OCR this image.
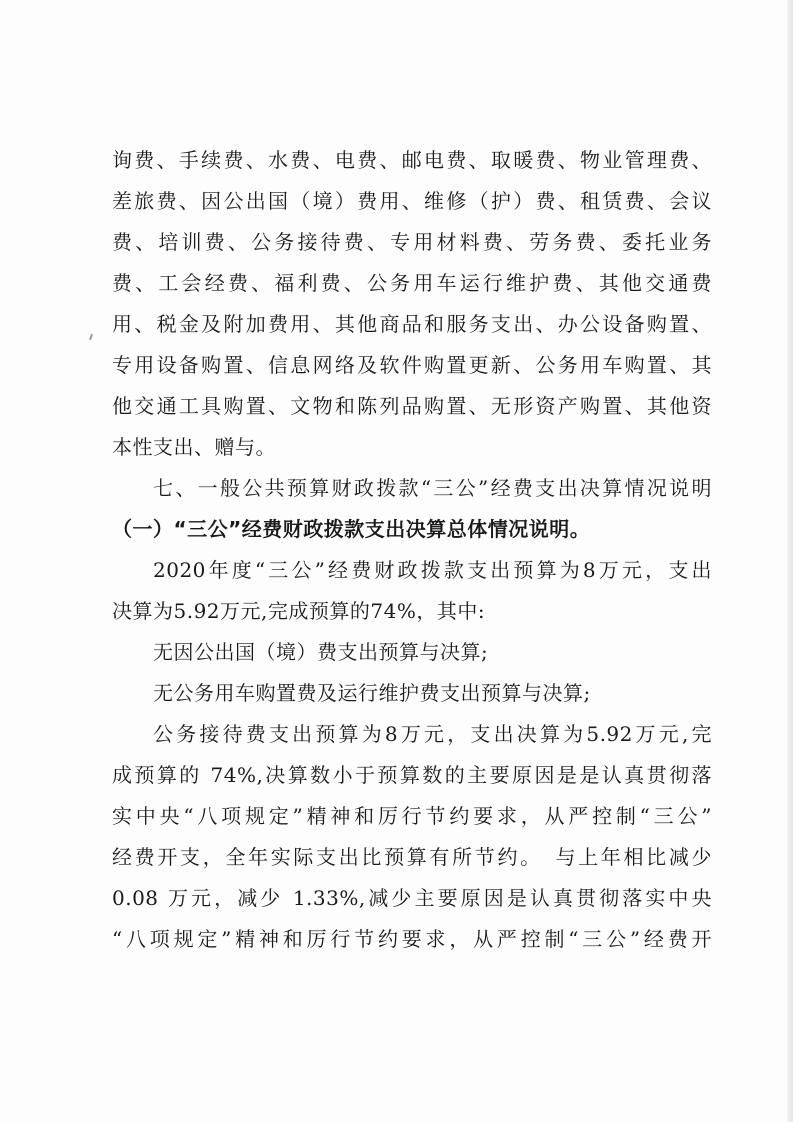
询费、手续费、水费、电费、邮电费、取暖费、物业管理费、
差旅费、因公出国（境）费用、维修（护）费、租赁费、会议
费、培训费、公务接待费、专用材料费、劳务费、委托业务
费、工会经费、福利费、公务用车运行维护费、其他交通费
用、税金及附加费用、其他商品和服务支出、办公设备购置、
专用设备购置、信息网络及软件购置更新、公务用车购置、其
他交通工具购置、文物和陈列品购置、无形资产购置、其他资
本性支出、赠与。
七、一般公共预算财政拨款“三公”经费支出决算情况说明
（一）“三公”经费财政拨款支出决算总体情况说明。
2020年度“三公”经费财政拨款支出预算为8万元，支出
决算为5.92万元,完成预算的74%，其中:
无因公出国（境）费支出预算与决算;
无公务用车购置费及运行维护费支出预算与决算;
公务接待费支出预算为8万元，支出决算为5.92万元,完
成预算的 74%,决算数小于预算数的主要原因是是认真贯彻落
实中央“八项规定”精神和厉行节约要求，从严控制“三公”
经费开支，全年实际支出比预算有所节约。　与上年相比减少
0.08 万元，减少 1.33%,减少主要原因是认真贯彻落实中央
“八项规定”精神和厉行节约要求，从严控制“三公”经费开
